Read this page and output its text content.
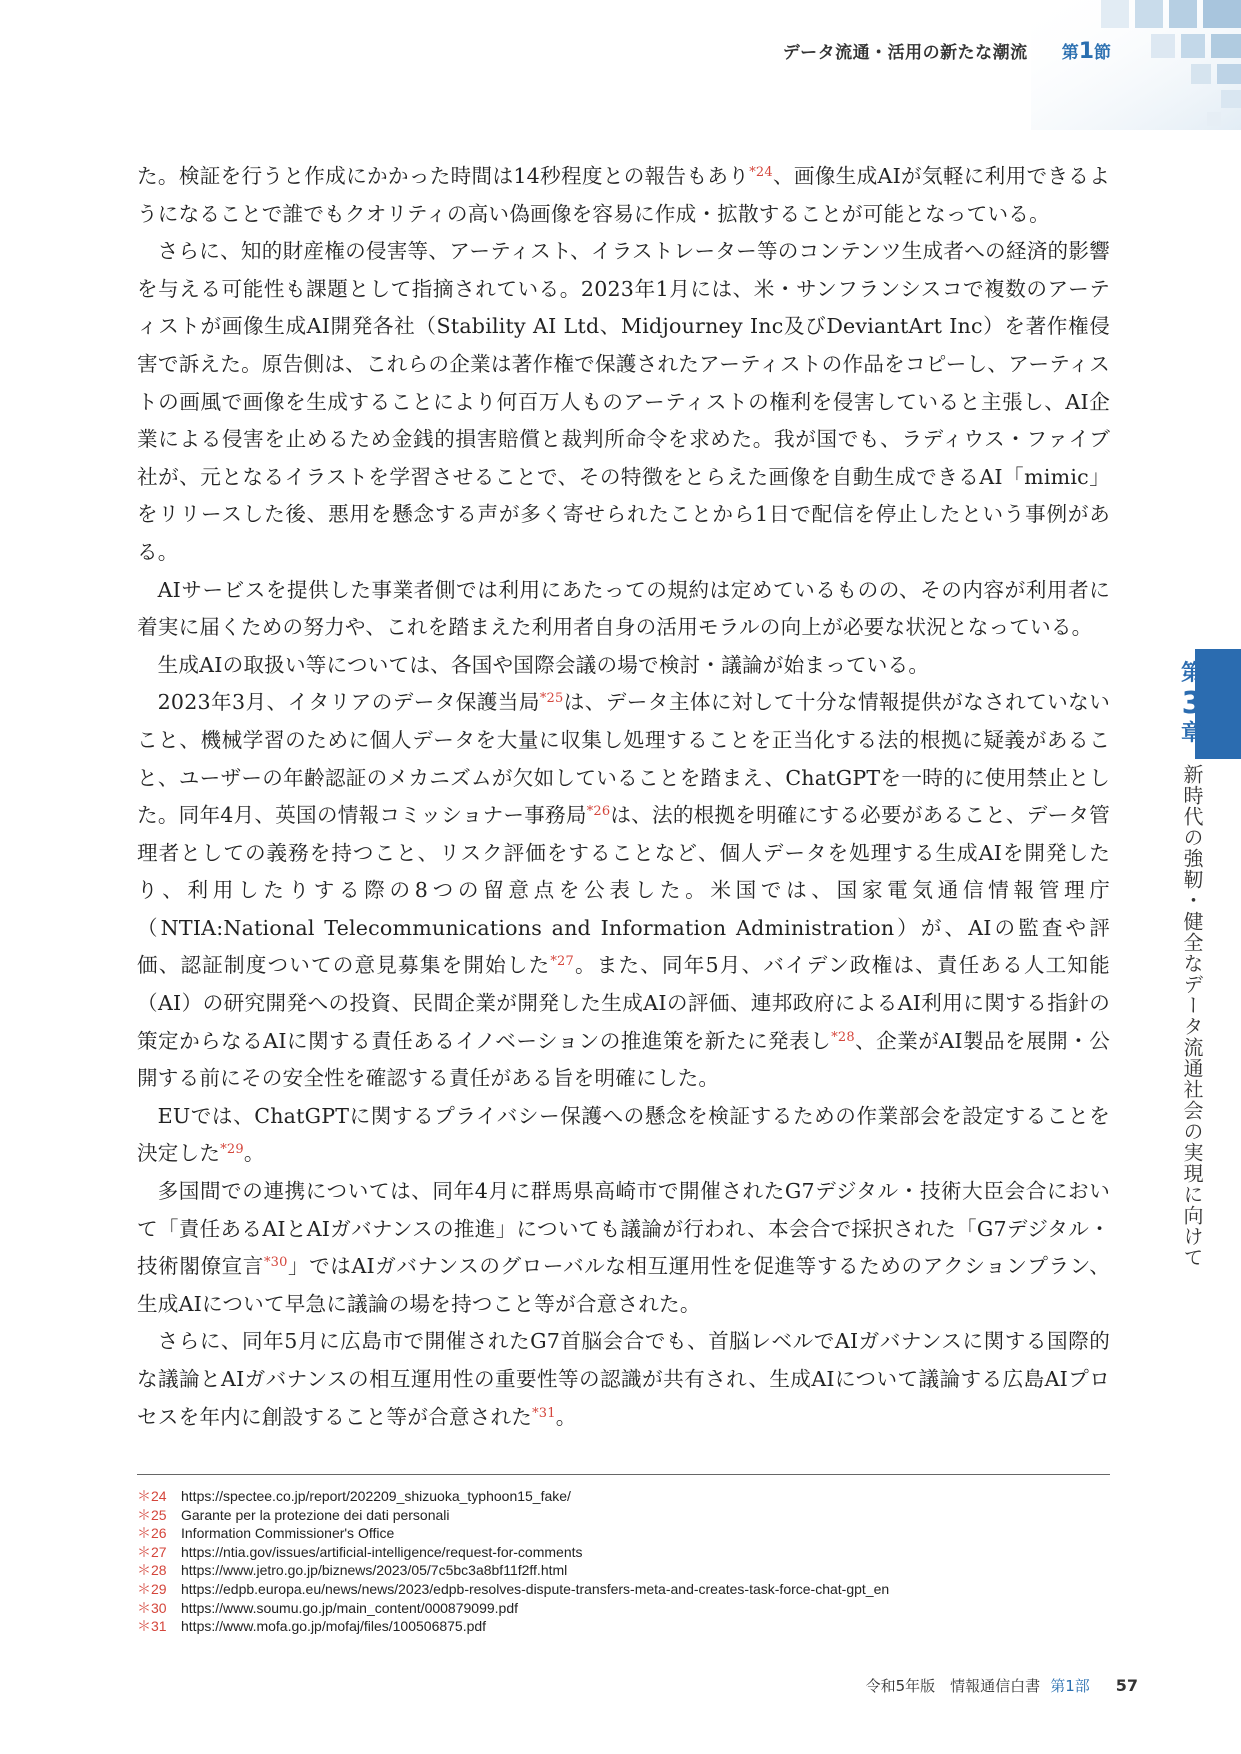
データ流通・活用の新たな潮流 第1節

た。検証を行うと作成にかかった時間は14秒程度との報告もあり$^{*24}$、画像生成AIが気軽に利用できるようになることで誰でもクオリティの高い偽画像を容易に作成・拡散することが可能となっている。

さらに、知的財産権の侵害等、アーティスト、イラストレーター等のコンテンツ生成者への経済的影響を与える可能性も課題として指摘されている。2023年1月には、米・サンフランシスコで複数のアーティストが画像生成AI開発各社（Stability AI Ltd、Midjourney Inc及びDeviantArt Inc）を著作権侵害で訴えた。原告側は、これらの企業は著作権で保護されたアーティストの作品をコピーし、アーティストの画風で画像を生成することにより何百万人ものアーティストの権利を侵害していると主張し、AI企業による侵害を止めるため金銭的損害賠償と裁判所命令を求めた。我が国でも、ラディウス・ファイブ社が、元となるイラストを学習させることで、その特徴をとらえた画像を自動生成できるAI「mimic」をリリースした後、悪用を懸念する声が多く寄せられたことから1日で配信を停止したという事例がある。

AIサービスを提供した事業者側では利用にあたっての規約は定めているものの、その内容が利用者に着実に届くための努力や、これを踏まえた利用者自身の活用モラルの向上が必要な状況となっている。

生成AIの取扱い等については、各国や国際会議の場で検討・議論が始まっている。

2023年3月、イタリアのデータ保護当局$^{*25}$は、データ主体に対して十分な情報提供がなされていないこと、機械学習のために個人データを大量に収集し処理することを正当化する法的根拠に疑義があること、ユーザーの年齢認証のメカニズムが欠如していることを踏まえ、ChatGPTを一時的に使用禁止とした。同年4月、英国の情報コミッショナー事務局$^{*26}$は、法的根拠を明確にする必要があること、データ管理者としての義務を持つこと、リスク評価をすることなど、個人データを処理する生成AIを開発したり、利用したりする際の8つの留意点を公表した。米国では、国家電気通信情報管理庁（NTIA:National Telecommunications and Information Administration）が、AIの監査や評価、認証制度ついての意見募集を開始した$^{*27}$。また、同年5月、バイデン政権は、責任ある人工知能（AI）の研究開発への投資、民間企業が開発した生成AIの評価、連邦政府によるAI利用に関する指針の策定からなるAIに関する責任あるイノベーションの推進策を新たに発表し$^{*28}$、企業がAI製品を展開・公開する前にその安全性を確認する責任がある旨を明確にした。

EUでは、ChatGPTに関するプライバシー保護への懸念を検証するための作業部会を設定することを決定した$^{*29}$。

多国間での連携については、同年4月に群馬県高崎市で開催されたG7デジタル・技術大臣会合において「責任あるAIとAIガバナンスの推進」についても議論が行われ、本会合で採択された「G7デジタル・技術閣僚宣言$^{*30}$」ではAIガバナンスのグローバルな相互運用性を促進等するためのアクションプラン、生成AIについて早急に議論の場を持つこと等が合意された。

さらに、同年5月に広島市で開催されたG7首脳会合でも、首脳レベルでAIガバナンスに関する国際的な議論とAIガバナンスの相互運用性の重要性等の認識が共有され、生成AIについて議論する広島AIプロセスを年内に創設すること等が合意された$^{*31}$。

第
3
章
新時代の強靭・健全なデータ流通社会の実現に向けて
＊24	https://spectee.co.jp/report/202209_shizuoka_typhoon15_fake/
＊25	Garante per la protezione dei dati personali
＊26	Information Commissioner's Office
＊27	https://ntia.gov/issues/artificial-intelligence/request-for-comments
＊28	https://www.jetro.go.jp/biznews/2023/05/7c5bc3a8bf11f2ff.html
＊29	https://edpb.europa.eu/news/news/2023/edpb-resolves-dispute-transfers-meta-and-creates-task-force-chat-gpt_en
＊30	https://www.soumu.go.jp/main_content/000879099.pdf
＊31	https://www.mofa.go.jp/mofaj/files/100506875.pdf
令和5年版　情報通信白書 第1部 57
